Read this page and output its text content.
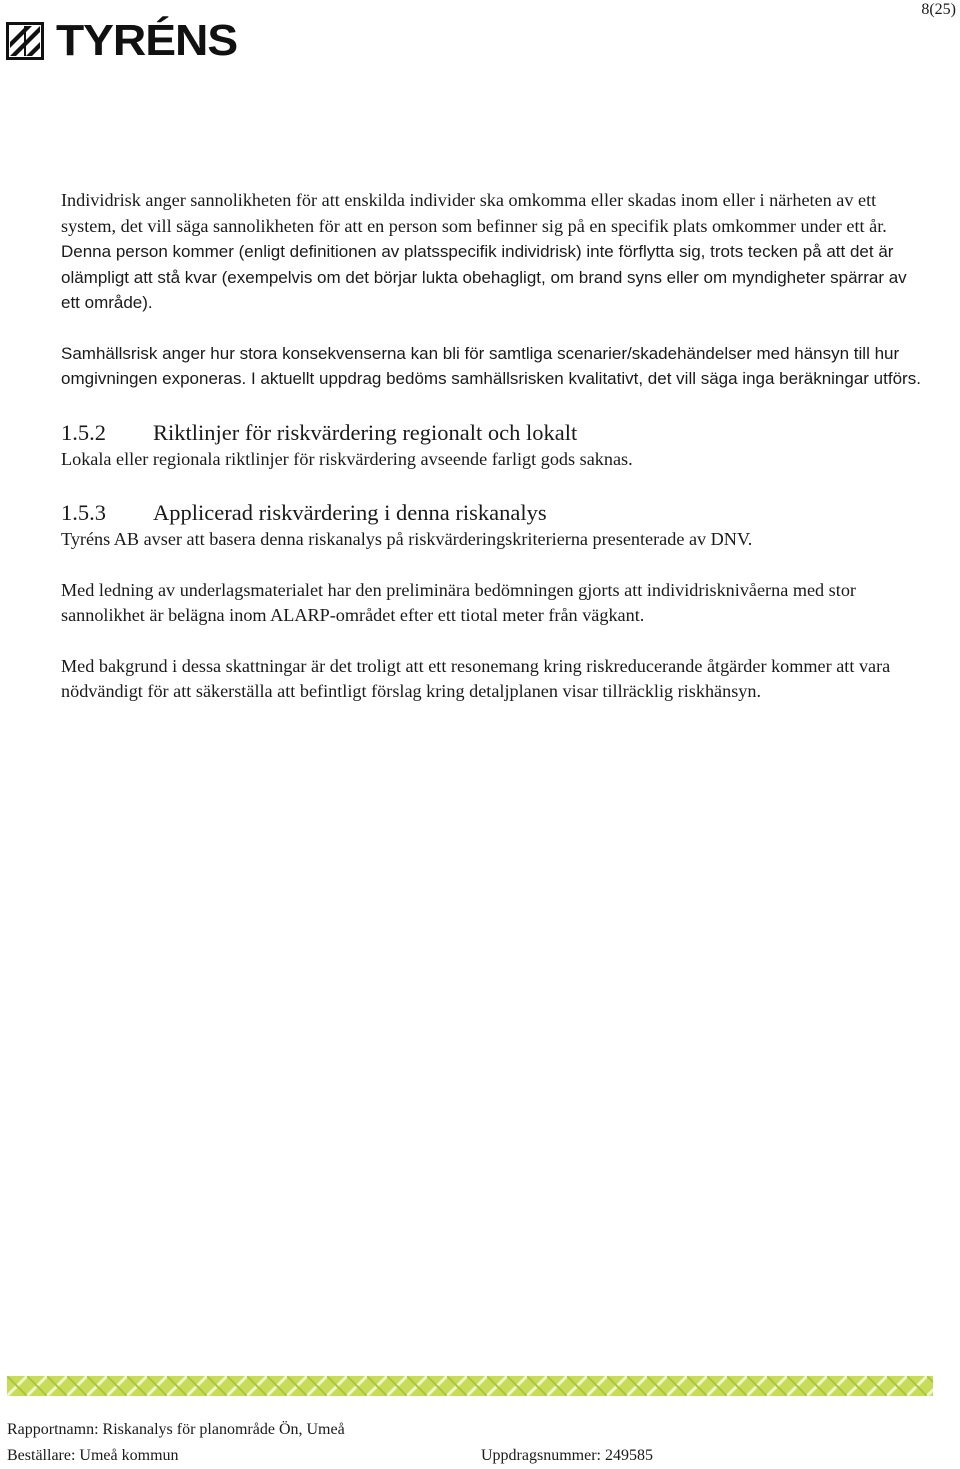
TYRÉNS
8(25)

Individrisk anger sannolikheten för att enskilda individer ska omkomma eller skadas inom eller i närheten av ett system, det vill säga sannolikheten för att en person som befinner sig på en specifik plats omkommer under ett år. Denna person kommer (enligt definitionen av platsspecifik individrisk) inte förflytta sig, trots tecken på att det är olämpligt att stå kvar (exempelvis om det börjar lukta obehagligt, om brand syns eller om myndigheter spärrar av ett område).

Samhällsrisk anger hur stora konsekvenserna kan bli för samtliga scenarier/skadehändelser med hänsyn till hur omgivningen exponeras. I aktuellt uppdrag bedöms samhällsrisken kvalitativt, det vill säga inga beräkningar utförs.

1.5.2	Riktlinjer för riskvärdering regionalt och lokalt

Lokala eller regionala riktlinjer för riskvärdering avseende farligt gods saknas.

1.5.3	Applicerad riskvärdering i denna riskanalys

Tyréns AB avser att basera denna riskanalys på riskvärderingskriterierna presenterade av DNV.

Med ledning av underlagsmaterialet har den preliminära bedömningen gjorts att individrisknivåerna med stor sannolikhet är belägna inom ALARP-området efter ett tiotal meter från vägkant.

Med bakgrund i dessa skattningar är det troligt att ett resonemang kring riskreducerande åtgärder kommer att vara nödvändigt för att säkerställa att befintligt förslag kring detaljplanen visar tillräcklig riskhänsyn.

Rapportnamn: Riskanalys för planområde Ön, Umeå
Beställare: Umeå kommun	Uppdragsnummer: 249585
